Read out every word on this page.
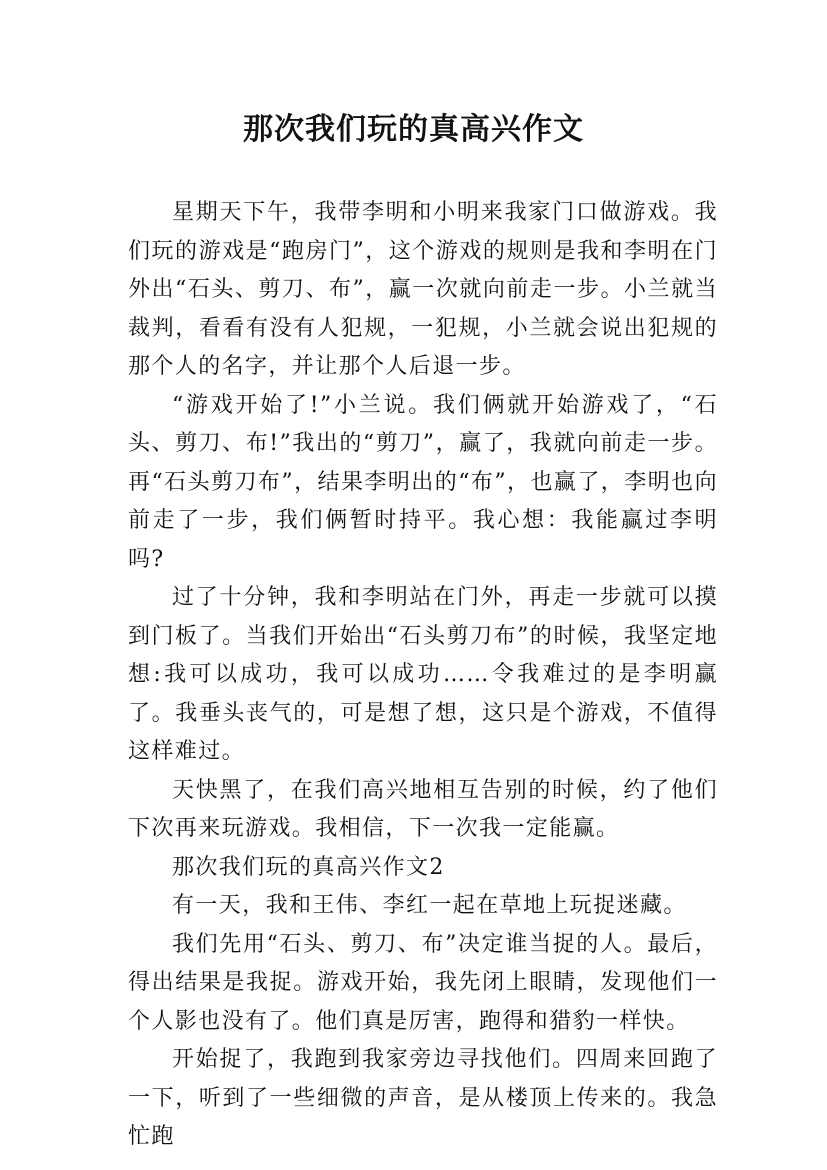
那次我们玩的真高兴作文

星期天下午，我带李明和小明来我家门口做游戏。我们玩的游戏是“跑房门”，这个游戏的规则是我和李明在门外出“石头、剪刀、布”，赢一次就向前走一步。小兰就当裁判，看看有没有人犯规，一犯规，小兰就会说出犯规的那个人的名字，并让那个人后退一步。

“游戏开始了!”小兰说。我们俩就开始游戏了，“石头、剪刀、布!”我出的“剪刀”，赢了，我就向前走一步。再“石头剪刀布”，结果李明出的“布”，也赢了，李明也向前走了一步，我们俩暂时持平。我心想：我能赢过李明吗?

过了十分钟，我和李明站在门外，再走一步就可以摸到门板了。当我们开始出“石头剪刀布”的时候，我坚定地想:我可以成功，我可以成功……令我难过的是李明赢了。我垂头丧气的，可是想了想，这只是个游戏，不值得这样难过。

天快黑了，在我们高兴地相互告别的时候，约了他们下次再来玩游戏。我相信，下一次我一定能赢。

那次我们玩的真高兴作文2

有一天，我和王伟、李红一起在草地上玩捉迷藏。

我们先用“石头、剪刀、布”决定谁当捉的人。最后，得出结果是我捉。游戏开始，我先闭上眼睛，发现他们一个人影也没有了。他们真是厉害，跑得和猎豹一样快。

开始捉了，我跑到我家旁边寻找他们。四周来回跑了一下，听到了一些细微的声音，是从楼顶上传来的。我急忙跑
